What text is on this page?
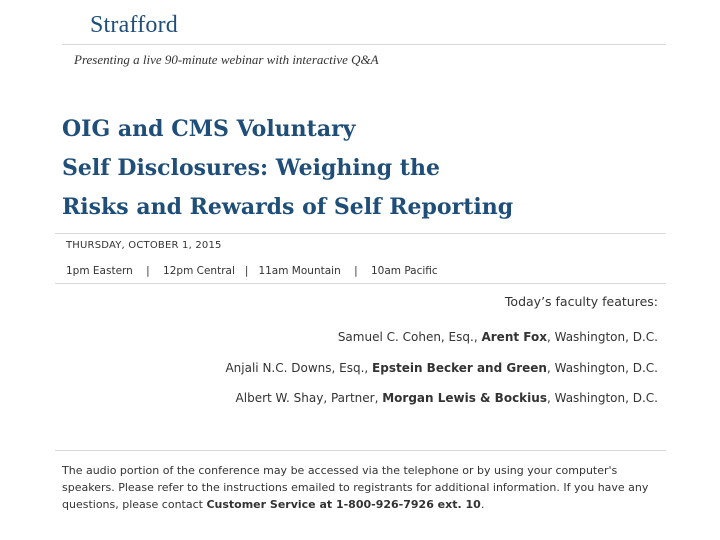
Strafford
Presenting a live 90-minute webinar with interactive Q&A
OIG and CMS Voluntary
Self Disclosures: Weighing the
Risks and Rewards of Self Reporting
THURSDAY, OCTOBER 1, 2015
1pm Eastern    |    12pm Central   |   11am Mountain    |    10am Pacific
Today’s faculty features:
Samuel C. Cohen, Esq., Arent Fox, Washington, D.C.
Anjali N.C. Downs, Esq., Epstein Becker and Green, Washington, D.C.
Albert W. Shay, Partner, Morgan Lewis & Bockius, Washington, D.C.
The audio portion of the conference may be accessed via the telephone or by using your computer's speakers. Please refer to the instructions emailed to registrants for additional information. If you have any questions, please contact Customer Service at 1-800-926-7926 ext. 10.
